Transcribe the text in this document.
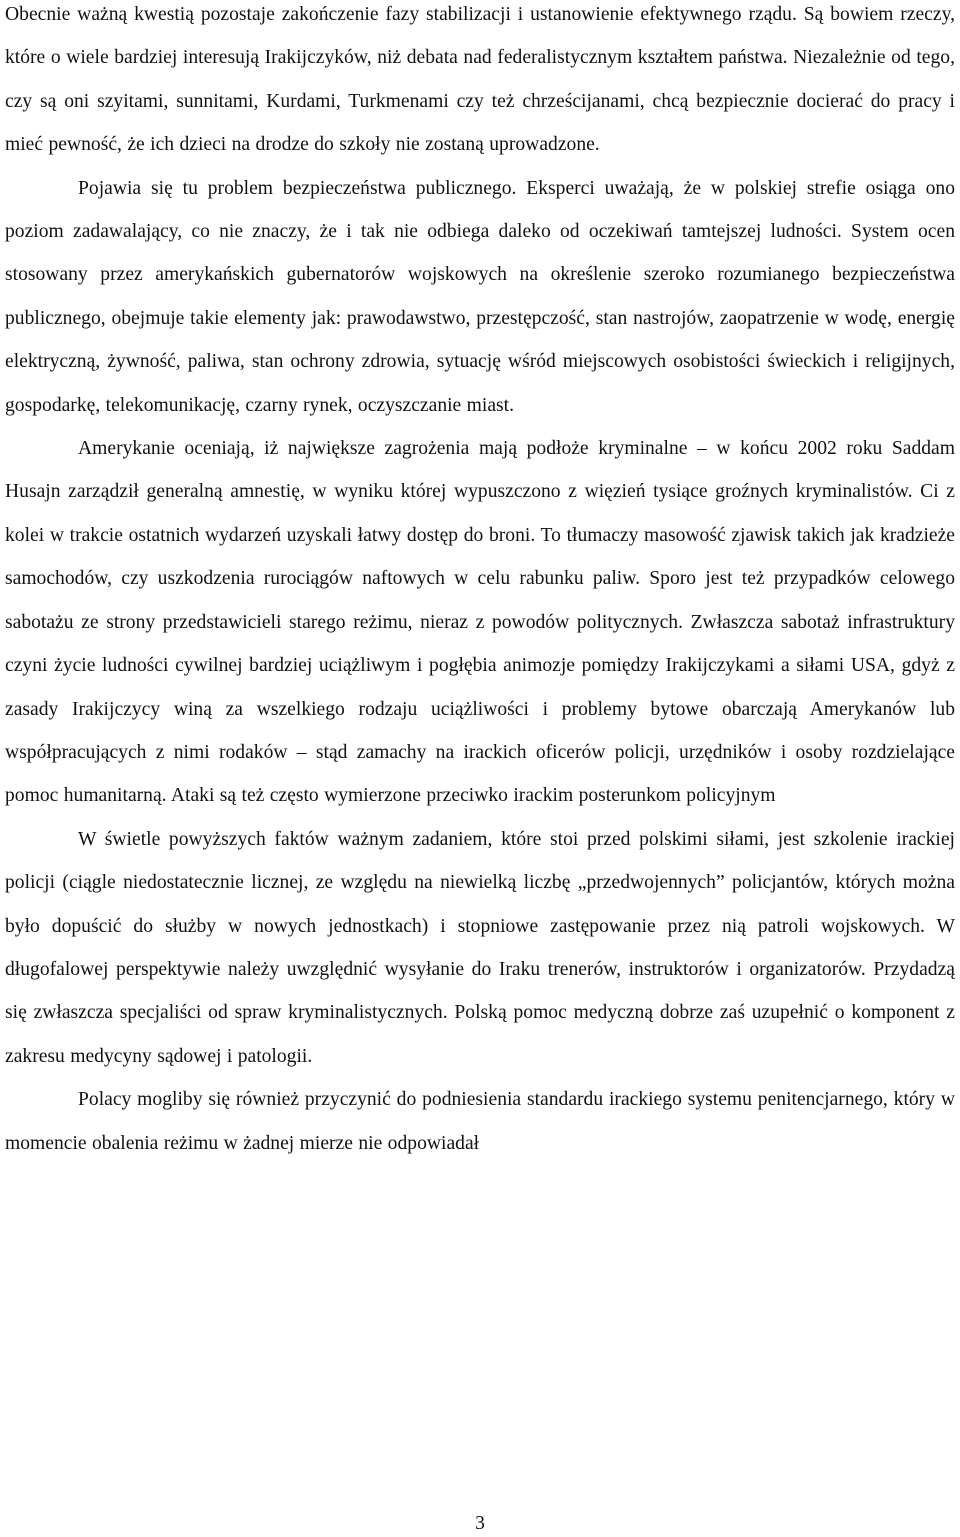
Obecnie ważną kwestią pozostaje zakończenie fazy stabilizacji i ustanowienie efektywnego rządu. Są bowiem rzeczy, które o wiele bardziej interesują Irakijczyków, niż debata nad federalistycznym kształtem państwa. Niezależnie od tego, czy są oni szyitami, sunnitami, Kurdami, Turkmenami czy też chrześcijanami, chcą bezpiecznie docierać do pracy i mieć pewność, że ich dzieci na drodze do szkoły nie zostaną uprowadzone.

Pojawia się tu problem bezpieczeństwa publicznego. Eksperci uważają, że w polskiej strefie osiąga ono poziom zadawalający, co nie znaczy, że i tak nie odbiega daleko od oczekiwań tamtejszej ludności. System ocen stosowany przez amerykańskich gubernatorów wojskowych na określenie szeroko rozumianego bezpieczeństwa publicznego, obejmuje takie elementy jak: prawodawstwo, przestępczość, stan nastrojów, zaopatrzenie w wodę, energię elektryczną, żywność, paliwa, stan ochrony zdrowia, sytuację wśród miejscowych osobistości świeckich i religijnych, gospodarkę, telekomunikację, czarny rynek, oczyszczanie miast.

Amerykanie oceniają, iż największe zagrożenia mają podłoże kryminalne – w końcu 2002 roku Saddam Husajn zarządził generalną amnestię, w wyniku której wypuszczono z więzień tysiące groźnych kryminalistów. Ci z kolei w trakcie ostatnich wydarzeń uzyskali łatwy dostęp do broni. To tłumaczy masowość zjawisk takich jak kradzieże samochodów, czy uszkodzenia rurociągów naftowych w celu rabunku paliw. Sporo jest też przypadków celowego sabotażu ze strony przedstawicieli starego reżimu, nieraz z powodów politycznych. Zwłaszcza sabotaż infrastruktury czyni życie ludności cywilnej bardziej uciążliwym i pogłębia animozje pomiędzy Irakijczykami a siłami USA, gdyż z zasady Irakijczycy winą za wszelkiego rodzaju uciążliwości i problemy bytowe obarczają Amerykanów lub współpracujących z nimi rodaków – stąd zamachy na irackich oficerów policji, urzędników i osoby rozdzielające pomoc humanitarną. Ataki są też często wymierzone przeciwko irackim posterunkom policyjnym

W świetle powyższych faktów ważnym zadaniem, które stoi przed polskimi siłami, jest szkolenie irackiej policji (ciągle niedostatecznie licznej, ze względu na niewielką liczbę „przedwojennych” policjantów, których można było dopuścić do służby w nowych jednostkach) i stopniowe zastępowanie przez nią patroli wojskowych. W długofalowej perspektywie należy uwzględnić wysyłanie do Iraku trenerów, instruktorów i organizatorów. Przydadzą się zwłaszcza specjaliści od spraw kryminalistycznych. Polską pomoc medyczną dobrze zaś uzupełnić o komponent z zakresu medycyny sądowej i patologii.

Polacy mogliby się również przyczynić do podniesienia standardu irackiego systemu penitencjarnego, który w momencie obalenia reżimu w żadnej mierze nie odpowiadał

3
